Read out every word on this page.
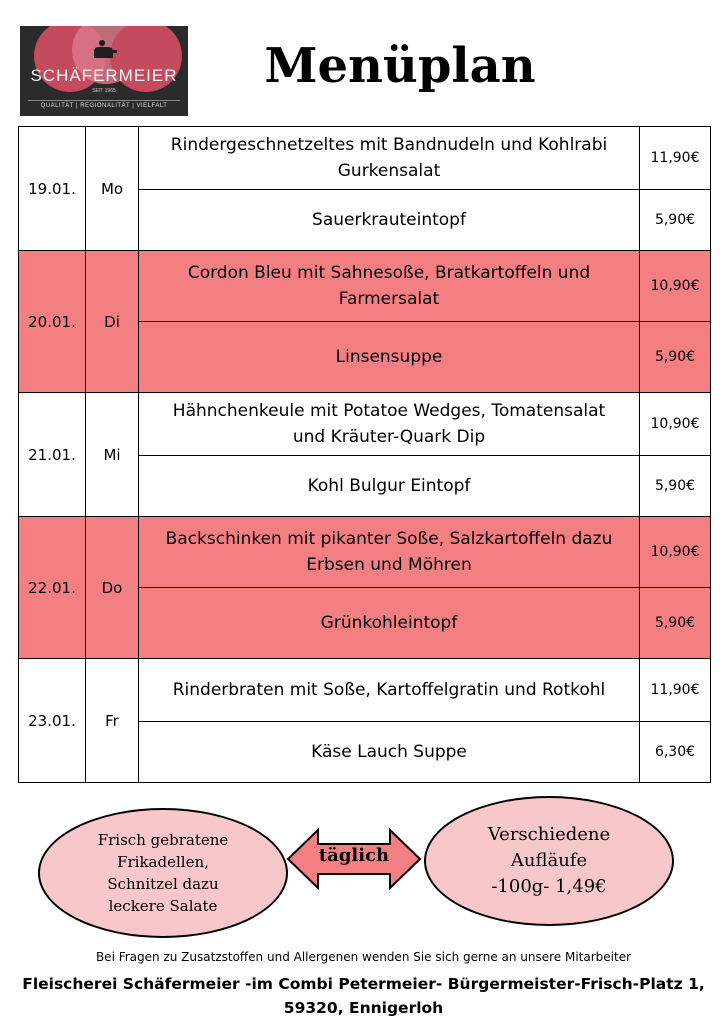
SCHÄFERMEIER
SEIT 1965
QUALITÄT | REGIONALITÄT | VIELFALT
Menüplan
19.01.	Mo	Rindergeschnetzeltes mit Bandnudeln und Kohlrabi
Gurkensalat	11,90€
		Sauerkrauteintopf	5,90€
20.01.	Di	Cordon Bleu mit Sahnesoße, Bratkartoffeln und
Farmersalat	10,90€
		Linsensuppe	5,90€
21.01.	Mi	Hähnchenkeule mit Potatoe Wedges, Tomatensalat
und Kräuter-Quark Dip	10,90€
		Kohl Bulgur Eintopf	5,90€
22.01.	Do	Backschinken mit pikanter Soße, Salzkartoffeln dazu
Erbsen und Möhren	10,90€
		Grünkohleintopf	5,90€
23.01.	Fr	Rinderbraten mit Soße, Kartoffelgratin und Rotkohl	11,90€
		Käse Lauch Suppe	6,30€
Frisch gebratene
Frikadellen,
Schnitzel dazu
leckere Salate
täglich
Verschiedene
Aufläufe
-100g- 1,49€
Bei Fragen zu Zusatzstoffen und Allergenen wenden Sie sich gerne an unsere Mitarbeiter
Fleischerei Schäfermeier -im Combi Petermeier- Bürgermeister-Frisch-Platz 1,
59320, Ennigerloh
